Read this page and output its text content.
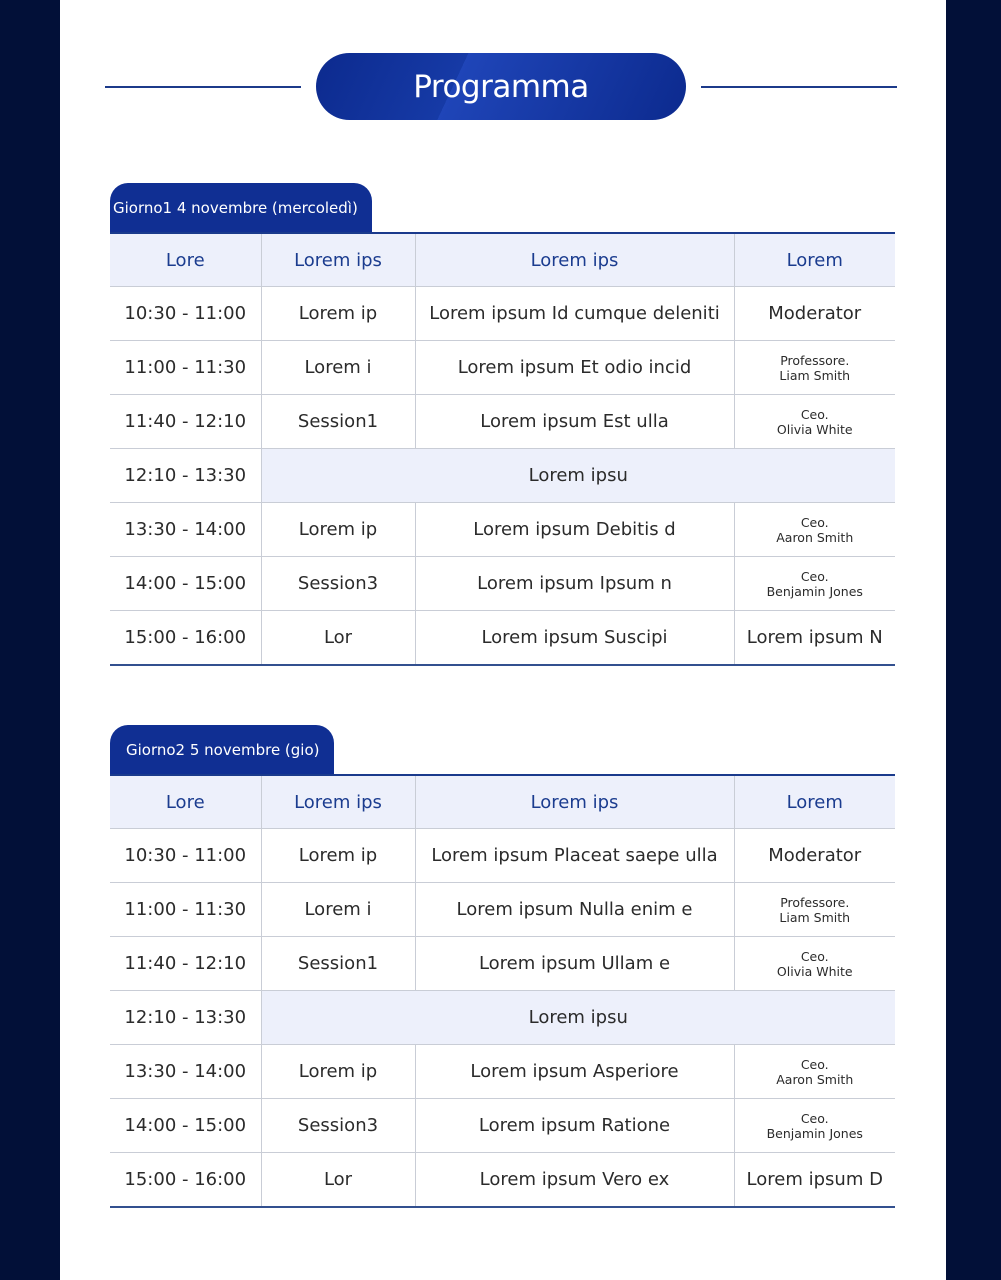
Programma
Giorno1 4 novembre (mercoledì)
Lore	Lorem ips	Lorem ips	Lorem
10:30 - 11:00	Lorem ip	Lorem ipsum Id cumque deleniti	Moderator
11:00 - 11:30	Lorem i	Lorem ipsum Et odio incid	Professore.
Liam Smith

11:40 - 12:10	Session1	Lorem ipsum Est ulla	Ceo.
Olivia White

12:10 - 13:30	Lorem ipsu		
13:30 - 14:00	Lorem ip	Lorem ipsum Debitis d	Ceo.
Aaron Smith

14:00 - 15:00	Session3	Lorem ipsum Ipsum n	Ceo.
Benjamin Jones

15:00 - 16:00	Lor	Lorem ipsum Suscipi	Lorem ipsum N
Giorno2 5 novembre (gio)
Lore	Lorem ips	Lorem ips	Lorem
10:30 - 11:00	Lorem ip	Lorem ipsum Placeat saepe ulla	Moderator
11:00 - 11:30	Lorem i	Lorem ipsum Nulla enim e	Professore.
Liam Smith

11:40 - 12:10	Session1	Lorem ipsum Ullam e	Ceo.
Olivia White

12:10 - 13:30	Lorem ipsu		
13:30 - 14:00	Lorem ip	Lorem ipsum Asperiore	Ceo.
Aaron Smith

14:00 - 15:00	Session3	Lorem ipsum Ratione	Ceo.
Benjamin Jones

15:00 - 16:00	Lor	Lorem ipsum Vero ex	Lorem ipsum D
